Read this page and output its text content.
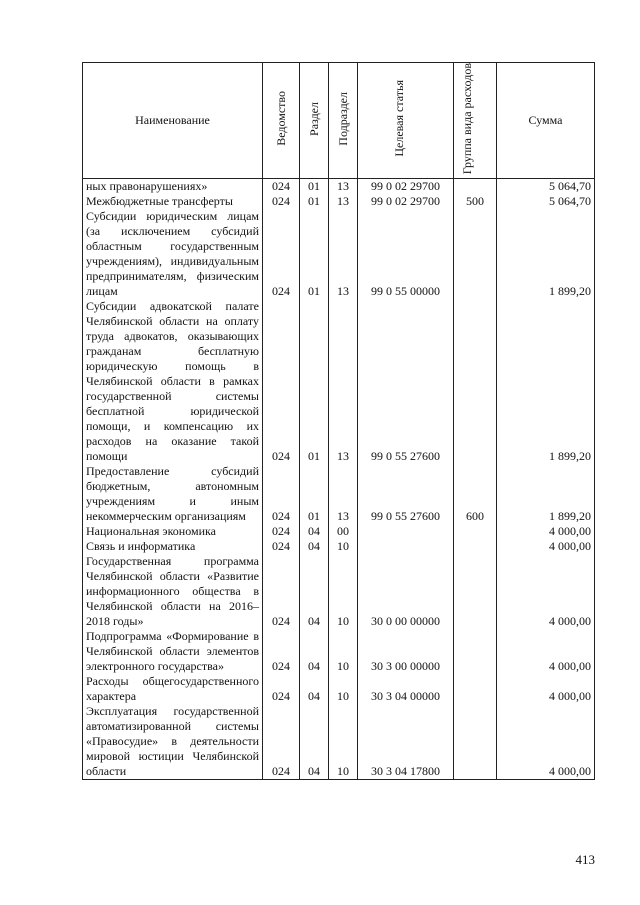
Наименование	Ведомство	Раздел	Подраздел	Целевая статья	Группа вида расходов	Сумма
ных правонарушениях»	024	01	13	99 0 02 29700		5 064,70
Межбюджетные трансферты	024	01	13	99 0 02 29700	500	5 064,70
Субсидии юридическим лицам (за исключением субсидий областным государственным учреждениям), индивидуальным предпринимателям, физическим лицам	024	01	13	99 0 55 00000		1 899,20
Субсидии адвокатской палате Челябинской области на оплату труда адвокатов, оказывающих гражданам бесплатную юридическую помощь в Челябинской области в рамках государственной системы бесплатной юридической помощи, и компенсацию их расходов на оказание такой помощи	024	01	13	99 0 55 27600		1 899,20
Предоставление субсидий бюджетным, автономным учреждениям и иным некоммерческим организациям	024	01	13	99 0 55 27600	600	1 899,20
Национальная экономика	024	04	00			4 000,00
Связь и информатика	024	04	10			4 000,00
Государственная программа Челябинской области «Развитие информационного общества в Челябинской области на 2016–2018 годы»	024	04	10	30 0 00 00000		4 000,00
Подпрограмма «Формирование в Челябинской области элементов электронного государства»	024	04	10	30 3 00 00000		4 000,00
Расходы общегосударственного характера	024	04	10	30 3 04 00000		4 000,00
Эксплуатация государственной автоматизированной системы «Правосудие» в деятельности мировой юстиции Челябинской области	024	04	10	30 3 04 17800		4 000,00
413
